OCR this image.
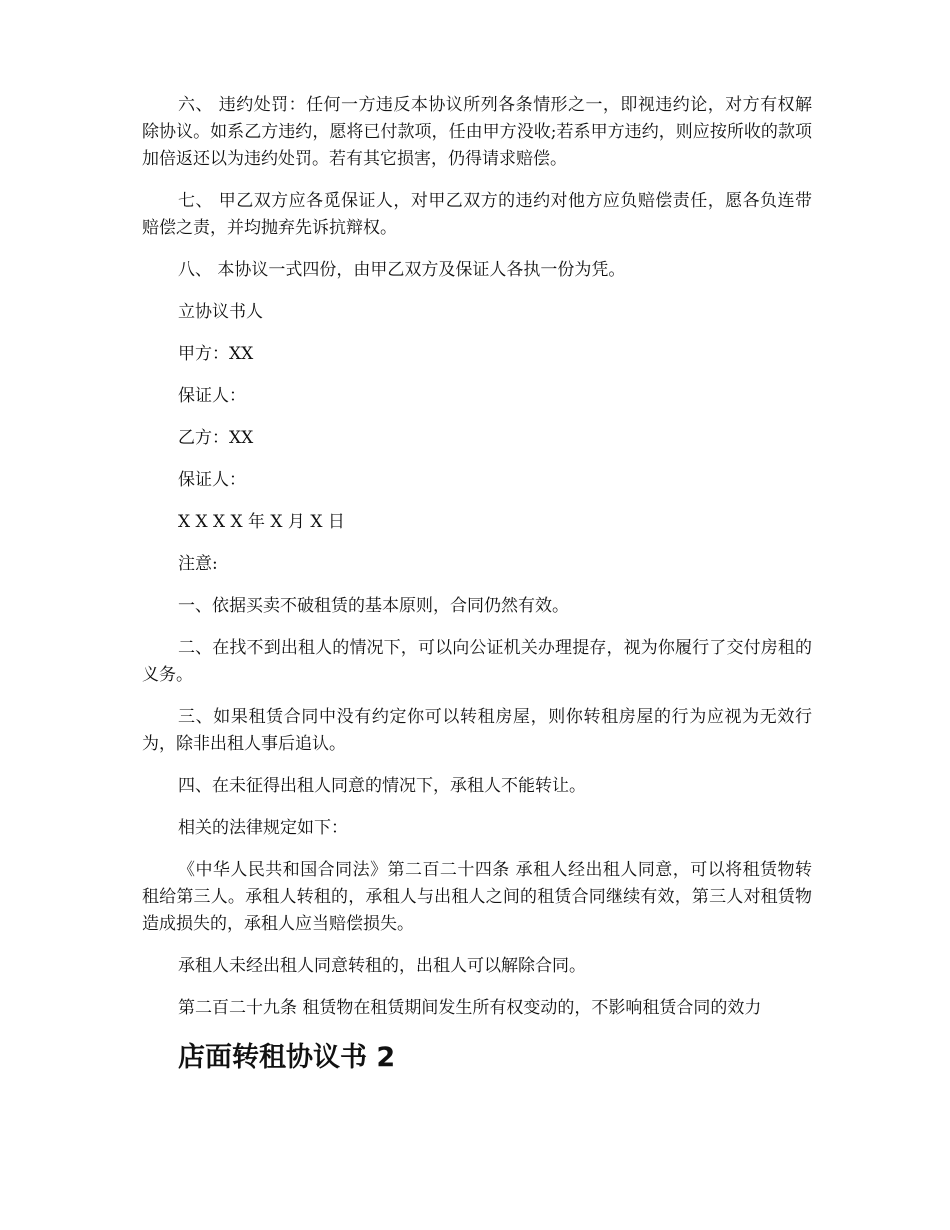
六、 违约处罚：任何一方违反本协议所列各条情形之一，即视违约论，对方有权解除协议。如系乙方违约，愿将已付款项，任由甲方没收;若系甲方违约，则应按所收的款项加倍返还以为违约处罚。若有其它损害，仍得请求赔偿。

七、 甲乙双方应各觅保证人，对甲乙双方的违约对他方应负赔偿责任，愿各负连带赔偿之责，并均抛弃先诉抗辩权。

八、 本协议一式四份，由甲乙双方及保证人各执一份为凭。

立协议书人

甲方：XX

保证人：

乙方：XX

保证人：

X X X X 年 X 月 X 日

注意:

一、依据买卖不破租赁的基本原则，合同仍然有效。

二、在找不到出租人的情况下，可以向公证机关办理提存，视为你履行了交付房租的义务。

三、如果租赁合同中没有约定你可以转租房屋，则你转租房屋的行为应视为无效行为，除非出租人事后追认。

四、在未征得出租人同意的情况下，承租人不能转让。

相关的法律规定如下：

《中华人民共和国合同法》第二百二十四条 承租人经出租人同意，可以将租赁物转租给第三人。承租人转租的，承租人与出租人之间的租赁合同继续有效，第三人对租赁物造成损失的，承租人应当赔偿损失。

承租人未经出租人同意转租的，出租人可以解除合同。

第二百二十九条 租赁物在租赁期间发生所有权变动的，不影响租赁合同的效力

店面转租协议书 2
